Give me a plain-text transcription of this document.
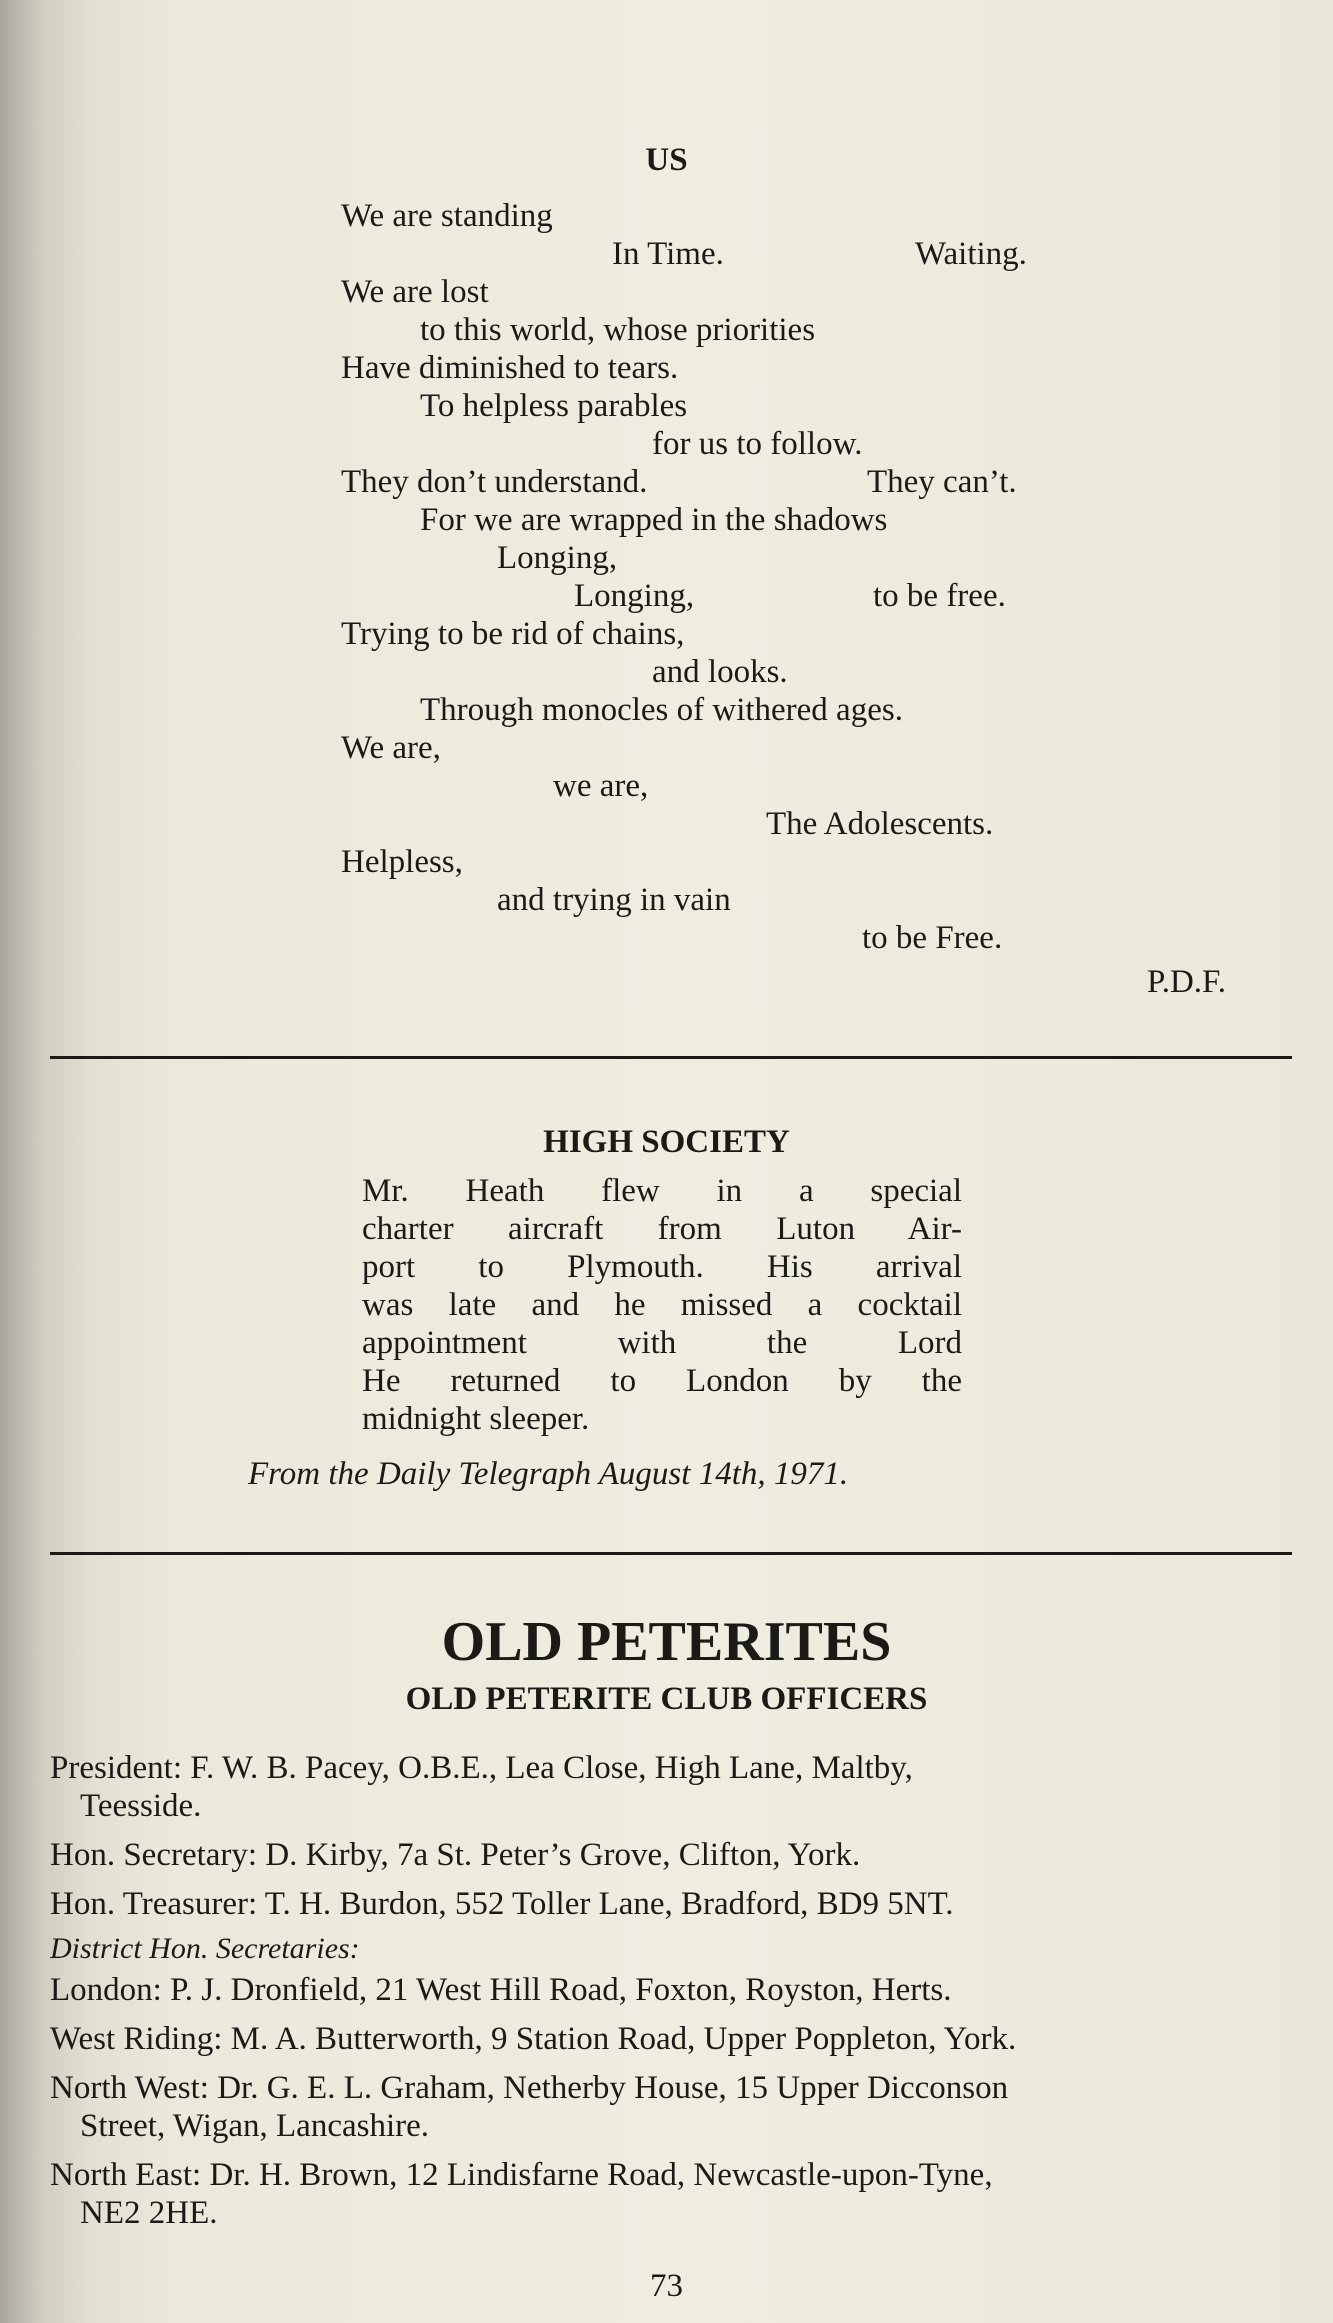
US
We are standing
In Time.	Waiting.
We are lost
to this world, whose priorities
Have diminished to tears.
To helpless parables
for us to follow.
They don’t understand.	They can’t.
For we are wrapped in the shadows
Longing,
Longing,	to be free.
Trying to be rid of chains,
and looks.
Through monocles of withered ages.
We are,
we are,
The Adolescents.
Helpless,
and trying in vain
to be Free.
P.D.F.
HIGH SOCIETY
Mr. Heath flew in a special
charter aircraft from Luton Air-
port to Plymouth. His arrival
was late and he missed a cocktail
appointment with the Lord
He returned to London by the
midnight sleeper.
From the Daily Telegraph August 14th, 1971.
OLD PETERITES
OLD PETERITE CLUB OFFICERS
President: F. W. B. Pacey, O.B.E., Lea Close, High Lane, Maltby,
Teesside.
Hon. Secretary: D. Kirby, 7a St. Peter’s Grove, Clifton, York.
Hon. Treasurer: T. H. Burdon, 552 Toller Lane, Bradford, BD9 5NT.
District Hon. Secretaries:
London: P. J. Dronfield, 21 West Hill Road, Foxton, Royston, Herts.
West Riding: M. A. Butterworth, 9 Station Road, Upper Poppleton, York.
North West: Dr. G. E. L. Graham, Netherby House, 15 Upper Dicconson
Street, Wigan, Lancashire.
North East: Dr. H. Brown, 12 Lindisfarne Road, Newcastle-upon-Tyne,
NE2 2HE.
73
